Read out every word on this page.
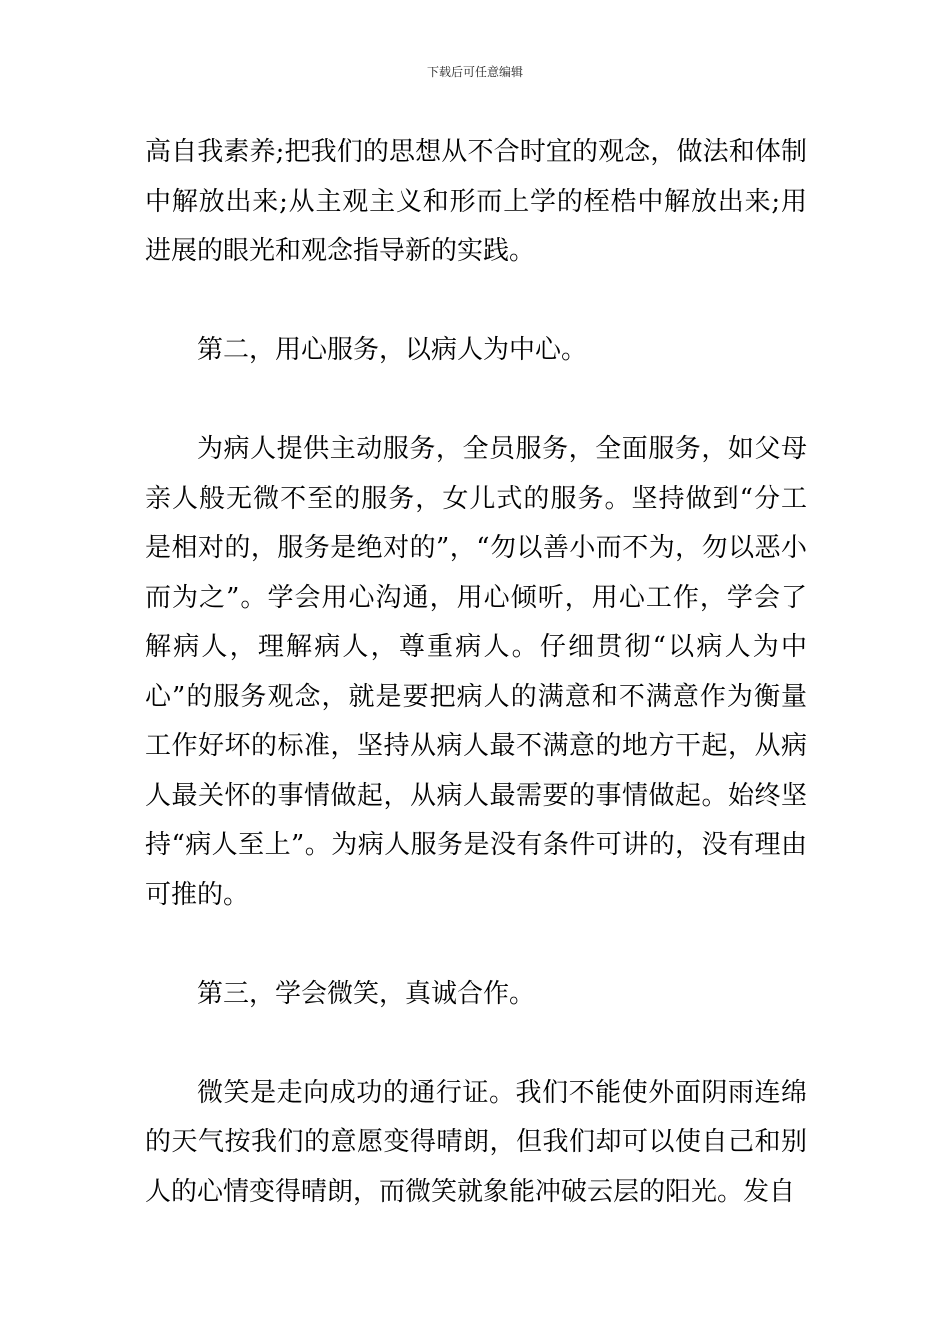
下载后可任意编辑

高自我素养;把我们的思想从不合时宜的观念，做法和体制中解放出来;从主观主义和形而上学的桎梏中解放出来;用进展的眼光和观念指导新的实践。

第二，用心服务，以病人为中心。

为病人提供主动服务，全员服务，全面服务，如父母亲人般无微不至的服务，女儿式的服务。坚持做到“分工是相对的，服务是绝对的”，“勿以善小而不为，勿以恶小而为之”。学会用心沟通，用心倾听，用心工作，学会了解病人，理解病人，尊重病人。仔细贯彻“以病人为中心”的服务观念，就是要把病人的满意和不满意作为衡量工作好坏的标准，坚持从病人最不满意的地方干起，从病人最关怀的事情做起，从病人最需要的事情做起。始终坚持“病人至上”。为病人服务是没有条件可讲的，没有理由可推的。

第三，学会微笑，真诚合作。

微笑是走向成功的通行证。我们不能使外面阴雨连绵的天气按我们的意愿变得晴朗，但我们却可以使自己和别人的心情变得晴朗，而微笑就象能冲破云层的阳光。发自
